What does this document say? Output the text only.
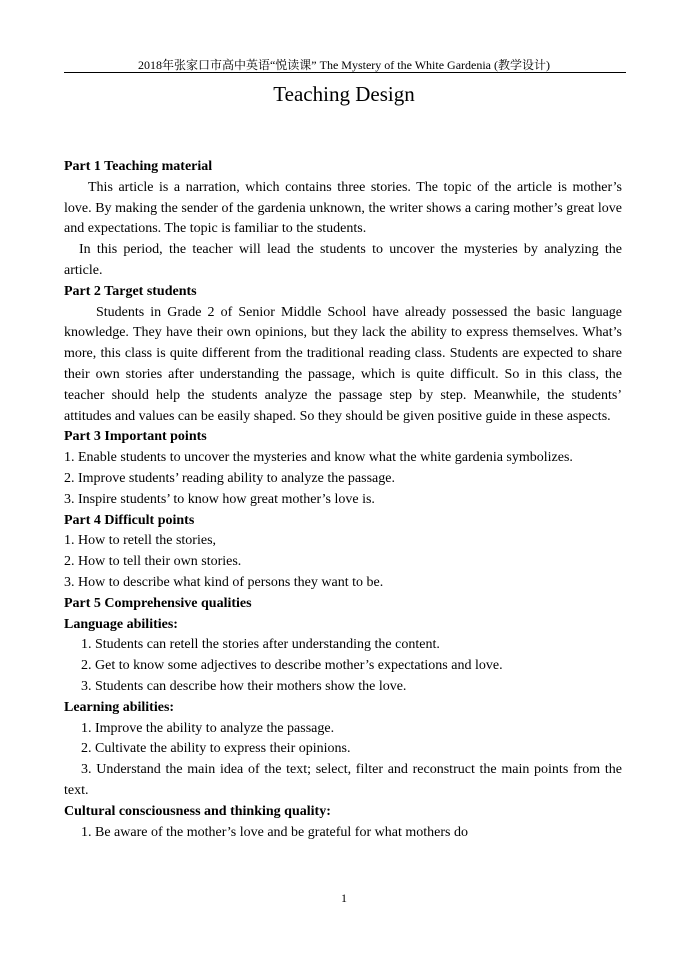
2018年张家口市高中英语“悦读课” The Mystery of the White Gardenia (教学设计)
Teaching Design

Part 1 Teaching material

This article is a narration, which contains three stories. The topic of the article is mother’s love. By making the sender of the gardenia unknown, the writer shows a caring mother’s great love and expectations. The topic is familiar to the students.

In this period, the teacher will lead the students to uncover the mysteries by analyzing the article.

Part 2 Target students

Students in Grade 2 of Senior Middle School have already possessed the basic language knowledge. They have their own opinions, but they lack the ability to express themselves. What’s more, this class is quite different from the traditional reading class. Students are expected to share their own stories after understanding the passage, which is quite difficult. So in this class, the teacher should help the students analyze the passage step by step. Meanwhile, the students’ attitudes and values can be easily shaped. So they should be given positive guide in these aspects.

Part 3 Important points

1. Enable students to uncover the mysteries and know what the white gardenia symbolizes.

2. Improve students’ reading ability to analyze the passage.

3. Inspire students’ to know how great mother’s love is.

Part 4 Difficult points

1. How to retell the stories,

2. How to tell their own stories.

3. How to describe what kind of persons they want to be.

Part 5 Comprehensive qualities

Language abilities:

1. Students can retell the stories after understanding the content.

2. Get to know some adjectives to describe mother’s expectations and love.

3. Students can describe how their mothers show the love.

Learning abilities:

1. Improve the ability to analyze the passage.

2. Cultivate the ability to express their opinions.

3. Understand the main idea of the text; select, filter and reconstruct the main points from the text.

Cultural consciousness and thinking quality:

1. Be aware of the mother’s love and be grateful for what mothers do

1
